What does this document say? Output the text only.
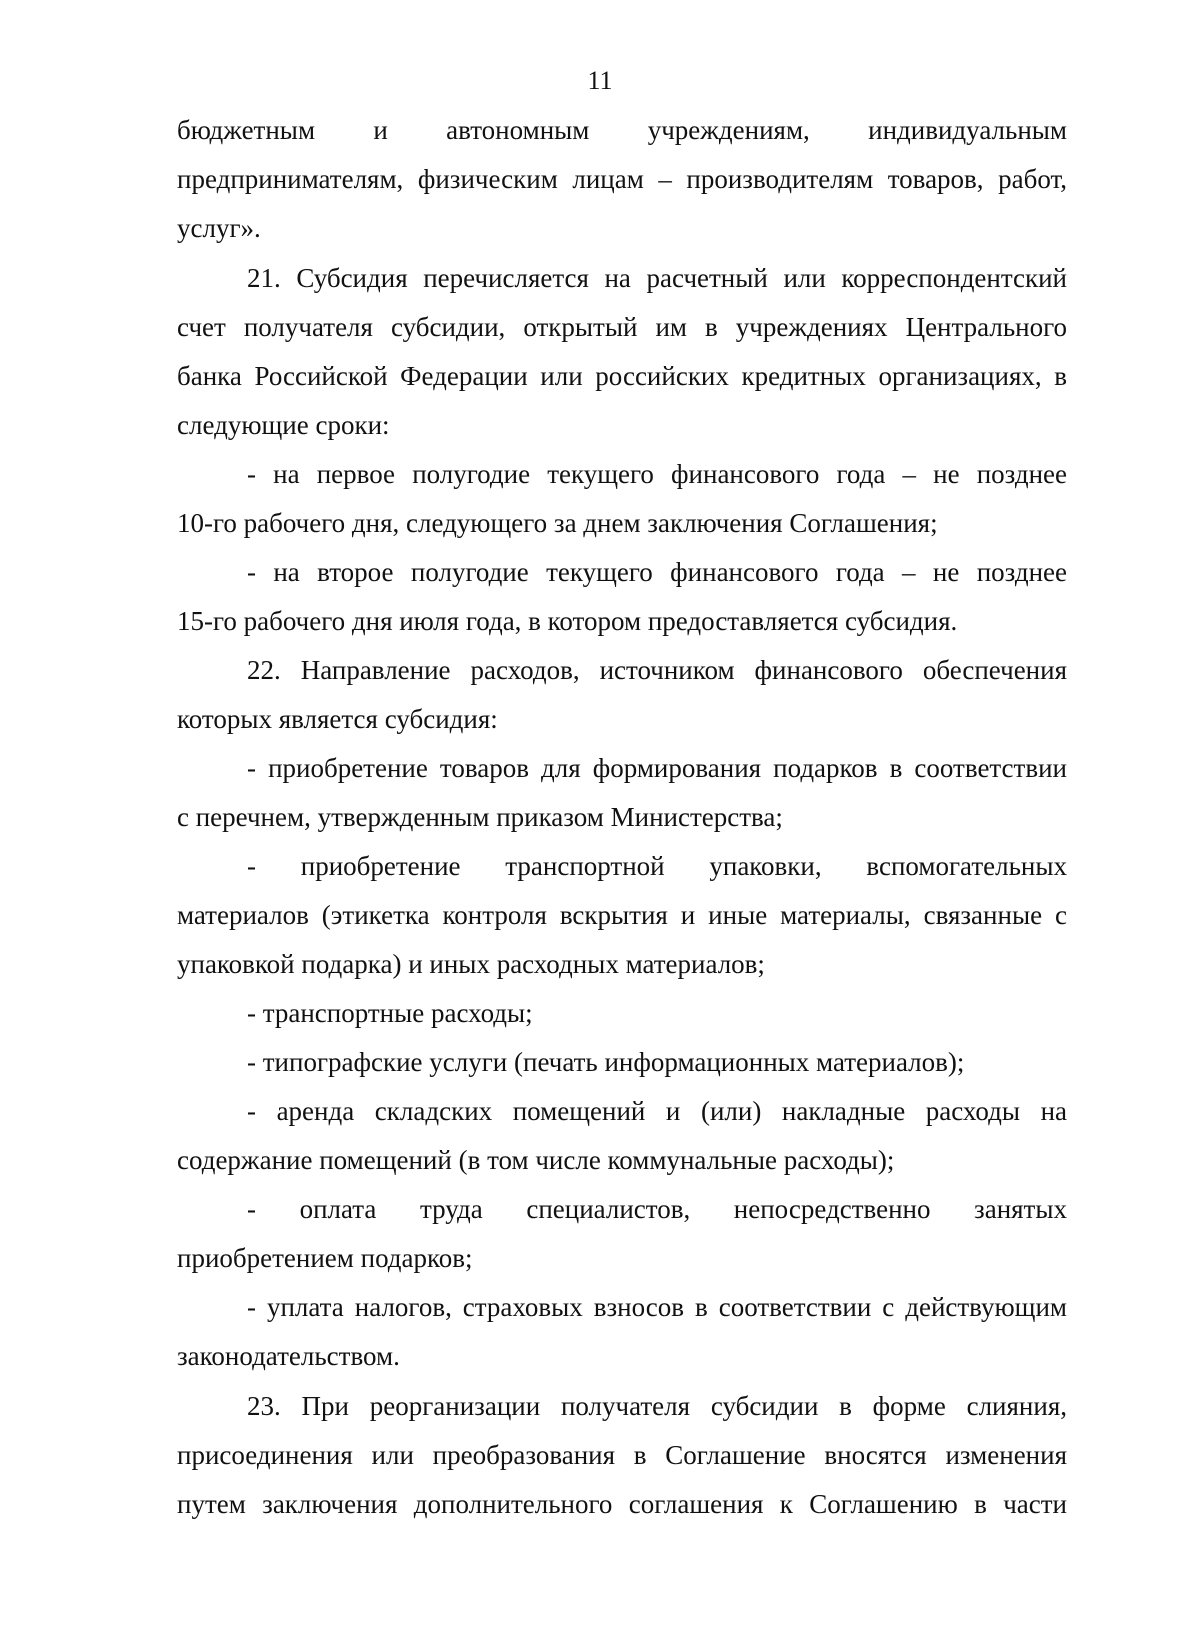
11
бюджетным и автономным учреждениям, индивидуальным
предпринимателям, физическим лицам – производителям товаров, работ,
услуг».
21. Субсидия перечисляется на расчетный или корреспондентский
счет получателя субсидии, открытый им в учреждениях Центрального
банка Российской Федерации или российских кредитных организациях, в
следующие сроки:
- на первое полугодие текущего финансового года – не позднее
10-го рабочего дня, следующего за днем заключения Соглашения;
- на второе полугодие текущего финансового года – не позднее
15-го рабочего дня июля года, в котором предоставляется субсидия.
22. Направление расходов, источником финансового обеспечения
которых является субсидия:
- приобретение товаров для формирования подарков в соответствии
с перечнем, утвержденным приказом Министерства;
- приобретение транспортной упаковки, вспомогательных
материалов (этикетка контроля вскрытия и иные материалы, связанные с
упаковкой подарка) и иных расходных материалов;
- транспортные расходы;
- типографские услуги (печать информационных материалов);
- аренда складских помещений и (или) накладные расходы на
содержание помещений (в том числе коммунальные расходы);
- оплата труда специалистов, непосредственно занятых
приобретением подарков;
- уплата налогов, страховых взносов в соответствии с действующим
законодательством.
23. При реорганизации получателя субсидии в форме слияния,
присоединения или преобразования в Соглашение вносятся изменения
путем заключения дополнительного соглашения к Соглашению в части
